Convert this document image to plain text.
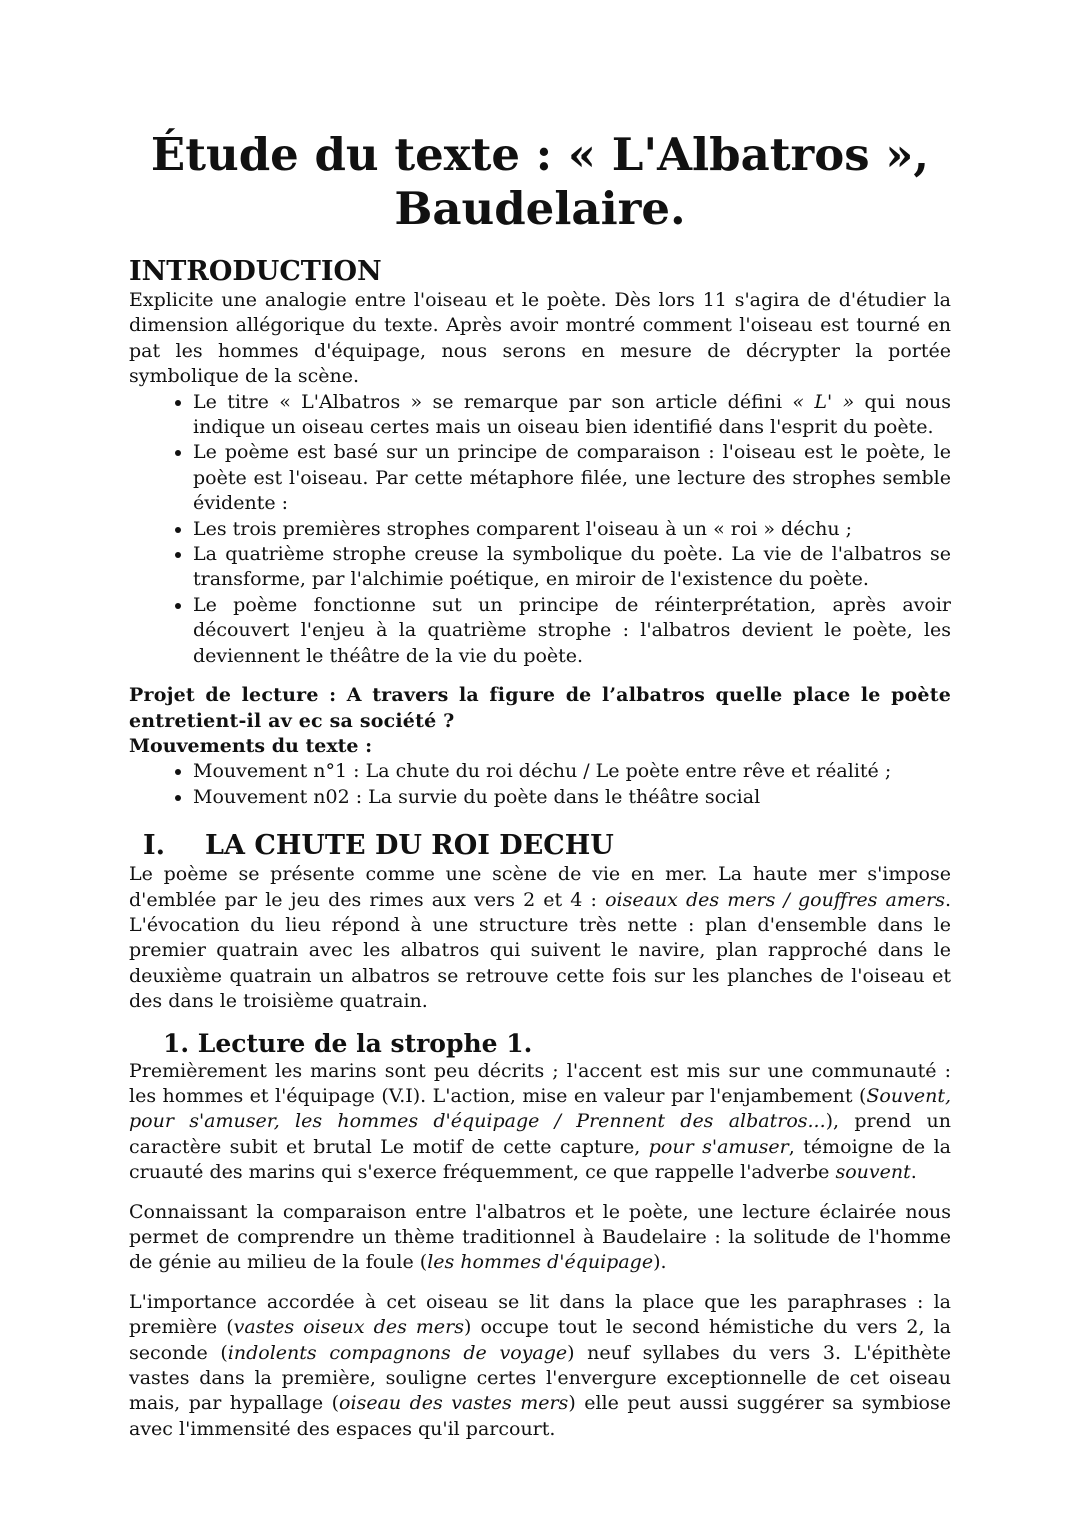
Étude du texte : « L'Albatros »,
Baudelaire.
INTRODUCTION

Explicite une analogie entre l'oiseau et le poète. Dès lors 11 s'agira de d'étudier la dimension allégorique du texte. Après avoir montré comment l'oiseau est tourné en pat les hommes d'équipage, nous serons en mesure de décrypter la portée symbolique de la scène.

• Le titre « L'Albatros » se remarque par son article défini « L' » qui nous indique un oiseau certes mais un oiseau bien identifié dans l'esprit du poète.
• Le poème est basé sur un principe de comparaison : l'oiseau est le poète, le poète est l'oiseau. Par cette métaphore filée, une lecture des strophes semble évidente :
• Les trois premières strophes comparent l'oiseau à un « roi » déchu ;
• La quatrième strophe creuse la symbolique du poète. La vie de l'albatros se transforme, par l'alchimie poétique, en miroir de l'existence du poète.
• Le poème fonctionne sut un principe de réinterprétation, après avoir découvert l'enjeu à la quatrième strophe : l'albatros devient le poète, les deviennent le théâtre de la vie du poète.

Projet de lecture : A travers la figure de l’albatros quelle place le poète entretient-il av ec sa société ?

Mouvements du texte :

• Mouvement n°1 : La chute du roi déchu / Le poète entre rêve et réalité ;
• Mouvement n02 : La survie du poète dans le théâtre social
I.	LA CHUTE DU ROI DECHU

Le poème se présente comme une scène de vie en mer. La haute mer s'impose d'emblée par le jeu des rimes aux vers 2 et 4 : oiseaux des mers / gouffres amers. L'évocation du lieu répond à une structure très nette : plan d'ensemble dans le premier quatrain avec les albatros qui suivent le navire, plan rapproché dans le deuxième quatrain un albatros se retrouve cette fois sur les planches de l'oiseau et des dans le troisième quatrain.

1. Lecture de la strophe 1.

Premièrement les marins sont peu décrits ; l'accent est mis sur une communauté : les hommes et l'équipage (V.I). L'action, mise en valeur par l'enjambement (Souvent, pour s'amuser, les hommes d'équipage / Prennent des albatros...), prend un caractère subit et brutal Le motif de cette capture, pour s'amuser, témoigne de la cruauté des marins qui s'exerce fréquemment, ce que rappelle l'adverbe souvent.

Connaissant la comparaison entre l'albatros et le poète, une lecture éclairée nous permet de comprendre un thème traditionnel à Baudelaire : la solitude de l'homme de génie au milieu de la foule (les hommes d'équipage).

L'importance accordée à cet oiseau se lit dans la place que les paraphrases : la première (vastes oiseux des mers) occupe tout le second hémistiche du vers 2, la seconde (indolents compagnons de voyage) neuf syllabes du vers 3. L'épithète vastes dans la première, souligne certes l'envergure exceptionnelle de cet oiseau mais, par hypallage (oiseau des vastes mers) elle peut aussi suggérer sa symbiose avec l'immensité des espaces qu'il parcourt.
